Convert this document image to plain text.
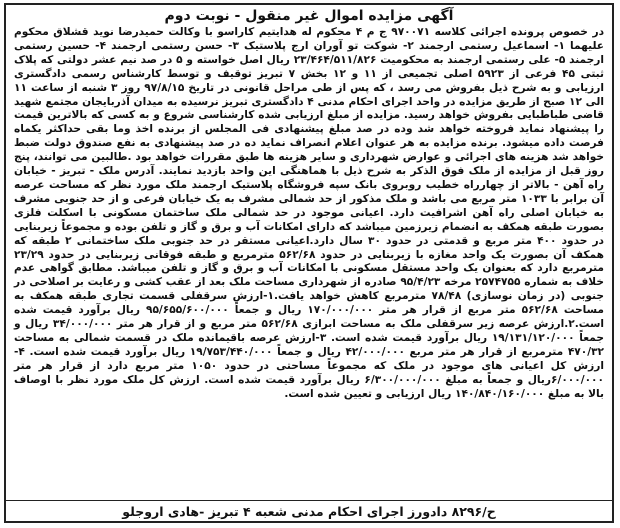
آگهی مزایده اموال غیر منقول - نوبت دوم
در خصوص پرونده اجرائی کلاسه ۹۷۰۰۷۱ ج م ۴ محکوم له هدایتیم کاراسو با وکالت حمیدرضا نوید قشلاق محکوم علیهما ۱- اسماعیل رستمی ارجمند ۲- شوکت تو آوران ارج پلاستیک ۳- حسن رستمی ارجمند ۴- حسین رستمی ارجمند ۵- علی رستمی ارجمند به محکومیت ۲۳/۴۶۴/۵۱۱/۸۲۶ ریال اصل خواسته و ۵ در صد نیم عشر دولتی که پلاک ثبتی ۴۵ فرعی از ۵۹۲۳ اصلی تجمیعی از ۱۱ و ۱۲ بخش ۷ تبریز توقیف و توسط کارشناس رسمی دادگستری ارزیابی و به شرح ذیل بفروش می رسد ، که پس از طی مراحل قانونی در تاریخ ۹۷/۸/۱۵ روز ۳ شنبه از ساعت ۱۱ الی ۱۲ صبح از طریق مزایده در واحد اجرای احکام مدنی ۴ دادگستری تبریز نرسیده به میدان آذربایجان مجتمع شهید قاضی طباطبایی بفروش خواهد رسید. مزایده از مبلغ ارزیابی شده کارشناسی شروع و به کسی که بالاترین قیمت را پیشنهاد نماید فروخته خواهد شد وده در صد مبلغ پیشنهادی فی المجلس از برنده اخذ وما بقی حداکثر یکماه فرصت داده میشود. برنده مزایده به هر عنوان اعلام انصراف نماید ده در صد پیشنهادی به نفع صندوق دولت ضبط خواهد شد هزینه های اجرائی و عوارض شهرداری و سایر هزینه ها طبق مقررات خواهد بود .طالبین می توانند، پنج روز قبل از مزایده از ملک فوق الذکر به شرح ذیل با هماهنگی این واحد بازدید نمایند. آدرس ملک - تبریز - خیابان راه آهن - بالاتر از چهارراه خطیب روبروی بانک سپه فروشگاه پلاستیک ارجمند ملک مورد نظر که مساحت عرصه آن برابر با ۱۰۳۳ متر مربع می باشد و ملک مذکور از حد شمالی مشرف به یک خیابان فرعی و از حد جنوبی مشرف به خیابان اصلی راه آهن اشرافیت دارد. اعیانی موجود در حد شمالی ملک ساختمان مسکونی با اسکلت فلزی بصورت طبقه همکف به انضمام زیرزمین میباشد که دارای امکانات آب و برق و گاز و تلفن بوده و مجموعاً زیربنایی در حدود ۴۰۰ متر مربع و قدمتی در حدود ۳۰ سال دارد.اعیانی مستقر در حد جنوبی ملک ساختمانی ۲ طبقه که همکف آن بصورت یک واحد مغازه با زیربنایی در حدود ۵۶۲/۶۸ مترمربع و طبقه فوقانی زیربنایی در حدود ۲۳/۲۹ مترمربع دارد که بعنوان یک واحد مستقل مسکونی با امکانات آب و برق و گاز و تلفن میباشد. مطابق گواهی عدم خلاف به شماره ۲۵۷۴۷۵۵ مرخه ۹۵/۴/۲۳ صادره از شهرداری مساحت ملک بعد از عقب کشی و رعایت بر اصلاحی در جنوبی (در زمان نوسازی) ۷۸/۴۸ مترمربع کاهش خواهد یافت.۱-ارزش سرقفلی قسمت تجاری طبقه همکف به مساحت ۵۶۲/۶۸ متر مربع از قرار هر متر ۱۷۰/۰۰۰/۰۰۰ ریال و جمعاً ۹۵/۶۵۵/۶۰۰/۰۰۰ ریال برآورد قیمت شده است.۲.ارزش عرصه زیر سرقفلی ملک به مساحت ابرازی ۵۶۲/۶۸ متر مربع و از قرار هر متر ۳۴/۰۰۰/۰۰۰ ریال و جمعاً ۱۹/۱۳۱/۱۲۰/۰۰۰ ریال برآورد قیمت شده است. ۳-ارزش عرصه باقیمانده ملک در قسمت شمالی به مساحت ۴۷۰/۳۲ مترمربع از قرار هر متر مربع ۴۲/۰۰۰/۰۰۰ ریال و جمعاً ۱۹/۷۵۳/۴۴۰/۰۰۰ ریال برآورد قیمت شده است. ۴-ارزش کل اعیانی های موجود در ملک که مجموعاً مساحتی در حدود ۱۰۵۰ متر مربع دارد از قرار هر متر ۶/۰۰۰/۰۰۰ریال و جمعاً به مبلغ ۶/۳۰۰/۰۰۰/۰۰۰ ریال برآورد قیمت شده است. ارزش کل ملک مورد نظر با اوصاف بالا به مبلغ ۱۴۰/۸۴۰/۱۶۰/۰۰۰ ریال ارزیابی و تعیین شده است.
ح/۸۲۹۶ دادورز اجرای احکام مدنی شعبه ۴ تبریز -هادی اروجلو
